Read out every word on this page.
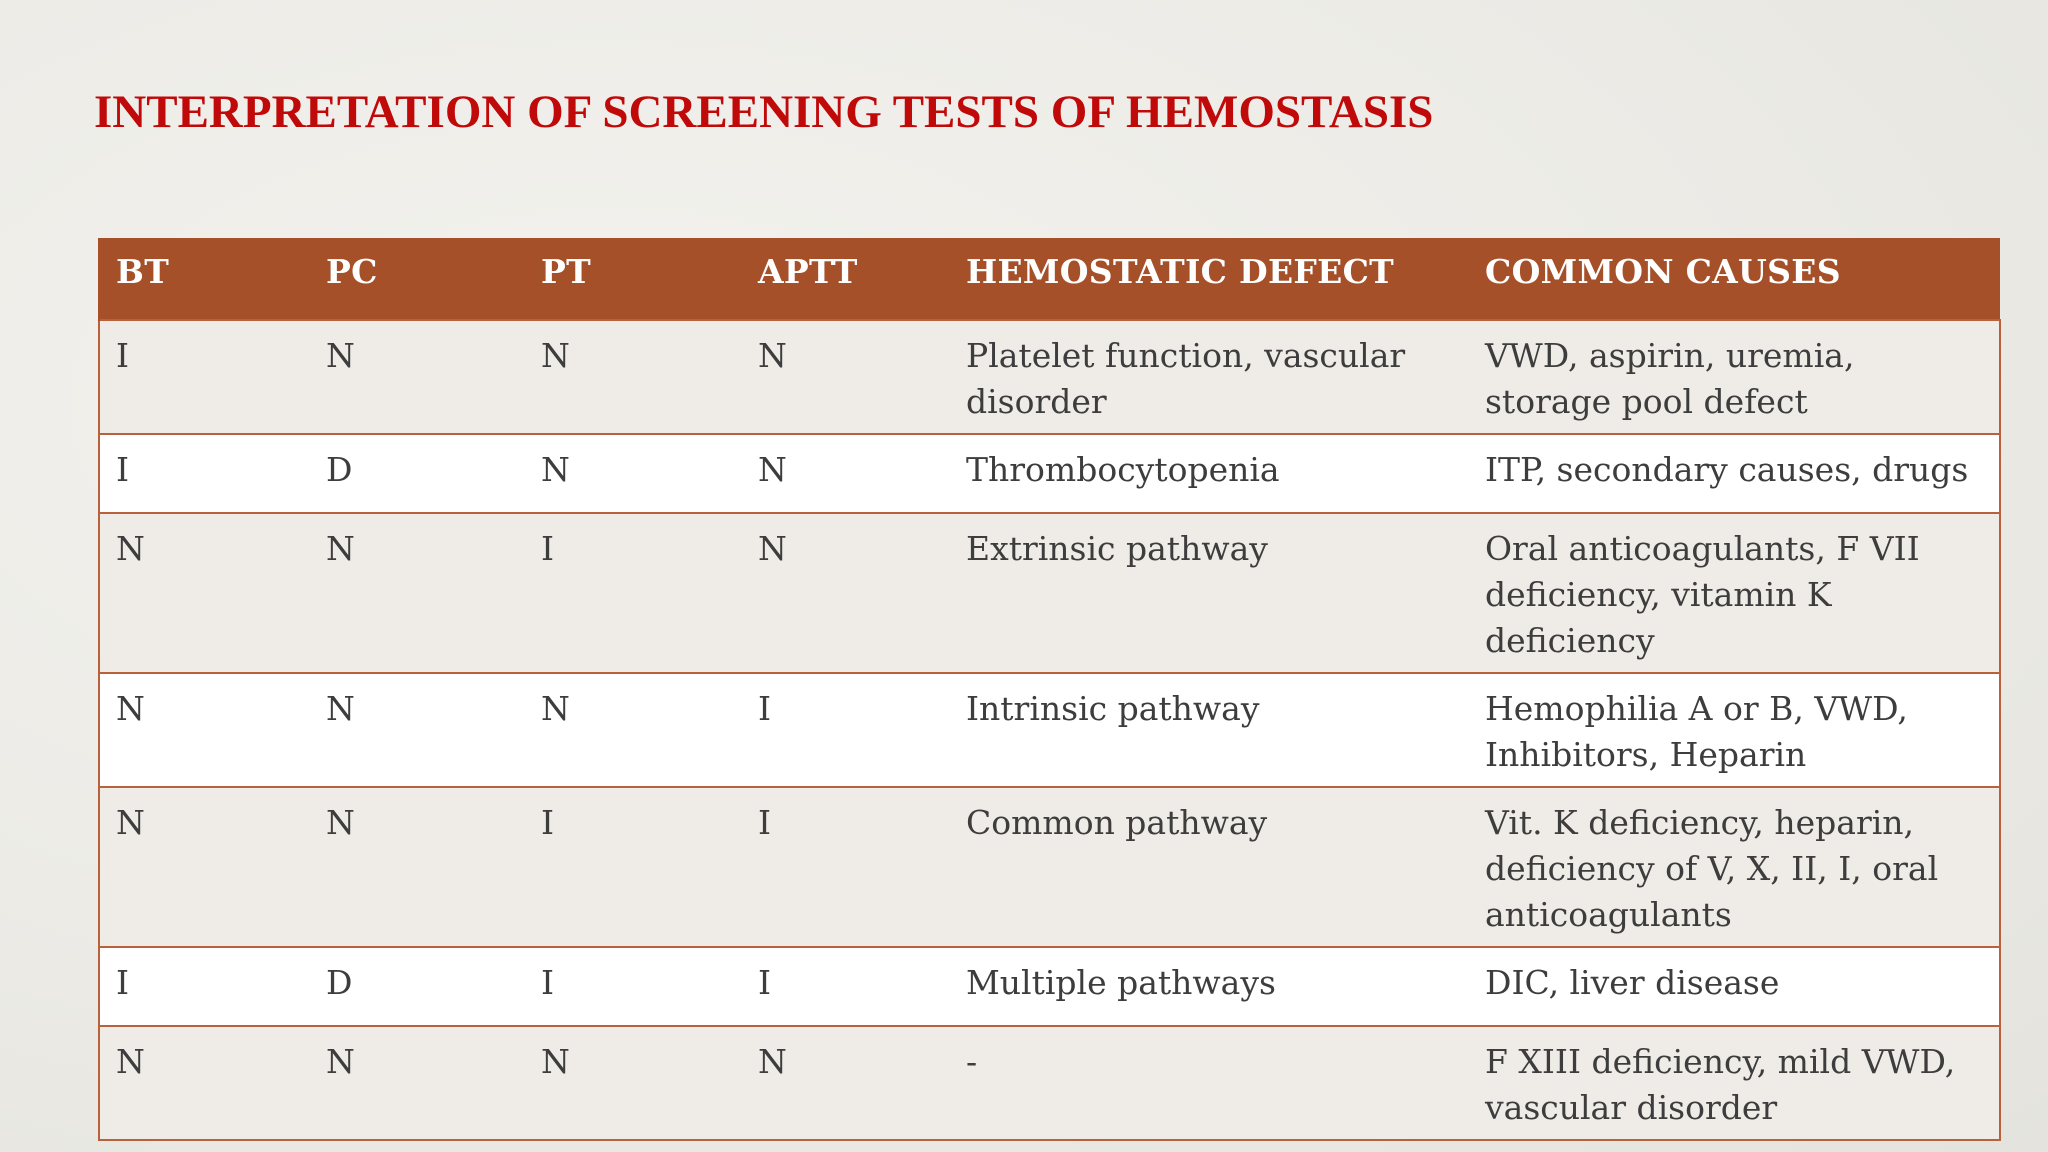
INTERPRETATION OF SCREENING TESTS OF HEMOSTASIS
BT	PC	PT	APTT	HEMOSTATIC DEFECT	COMMON CAUSES
I	N	N	N	Platelet function, vascular disorder	VWD, aspirin, uremia, storage pool defect
I	D	N	N	Thrombocytopenia	ITP, secondary causes, drugs
N	N	I	N	Extrinsic pathway	Oral anticoagulants, F VII deficiency, vitamin K deficiency
N	N	N	I	Intrinsic pathway	Hemophilia A or B, VWD, Inhibitors, Heparin
N	N	I	I	Common pathway	Vit. K deficiency, heparin, deficiency of V, X, II, I, oral anticoagulants
I	D	I	I	Multiple pathways	DIC, liver disease
N	N	N	N	-	F XIII deficiency, mild VWD, vascular disorder
